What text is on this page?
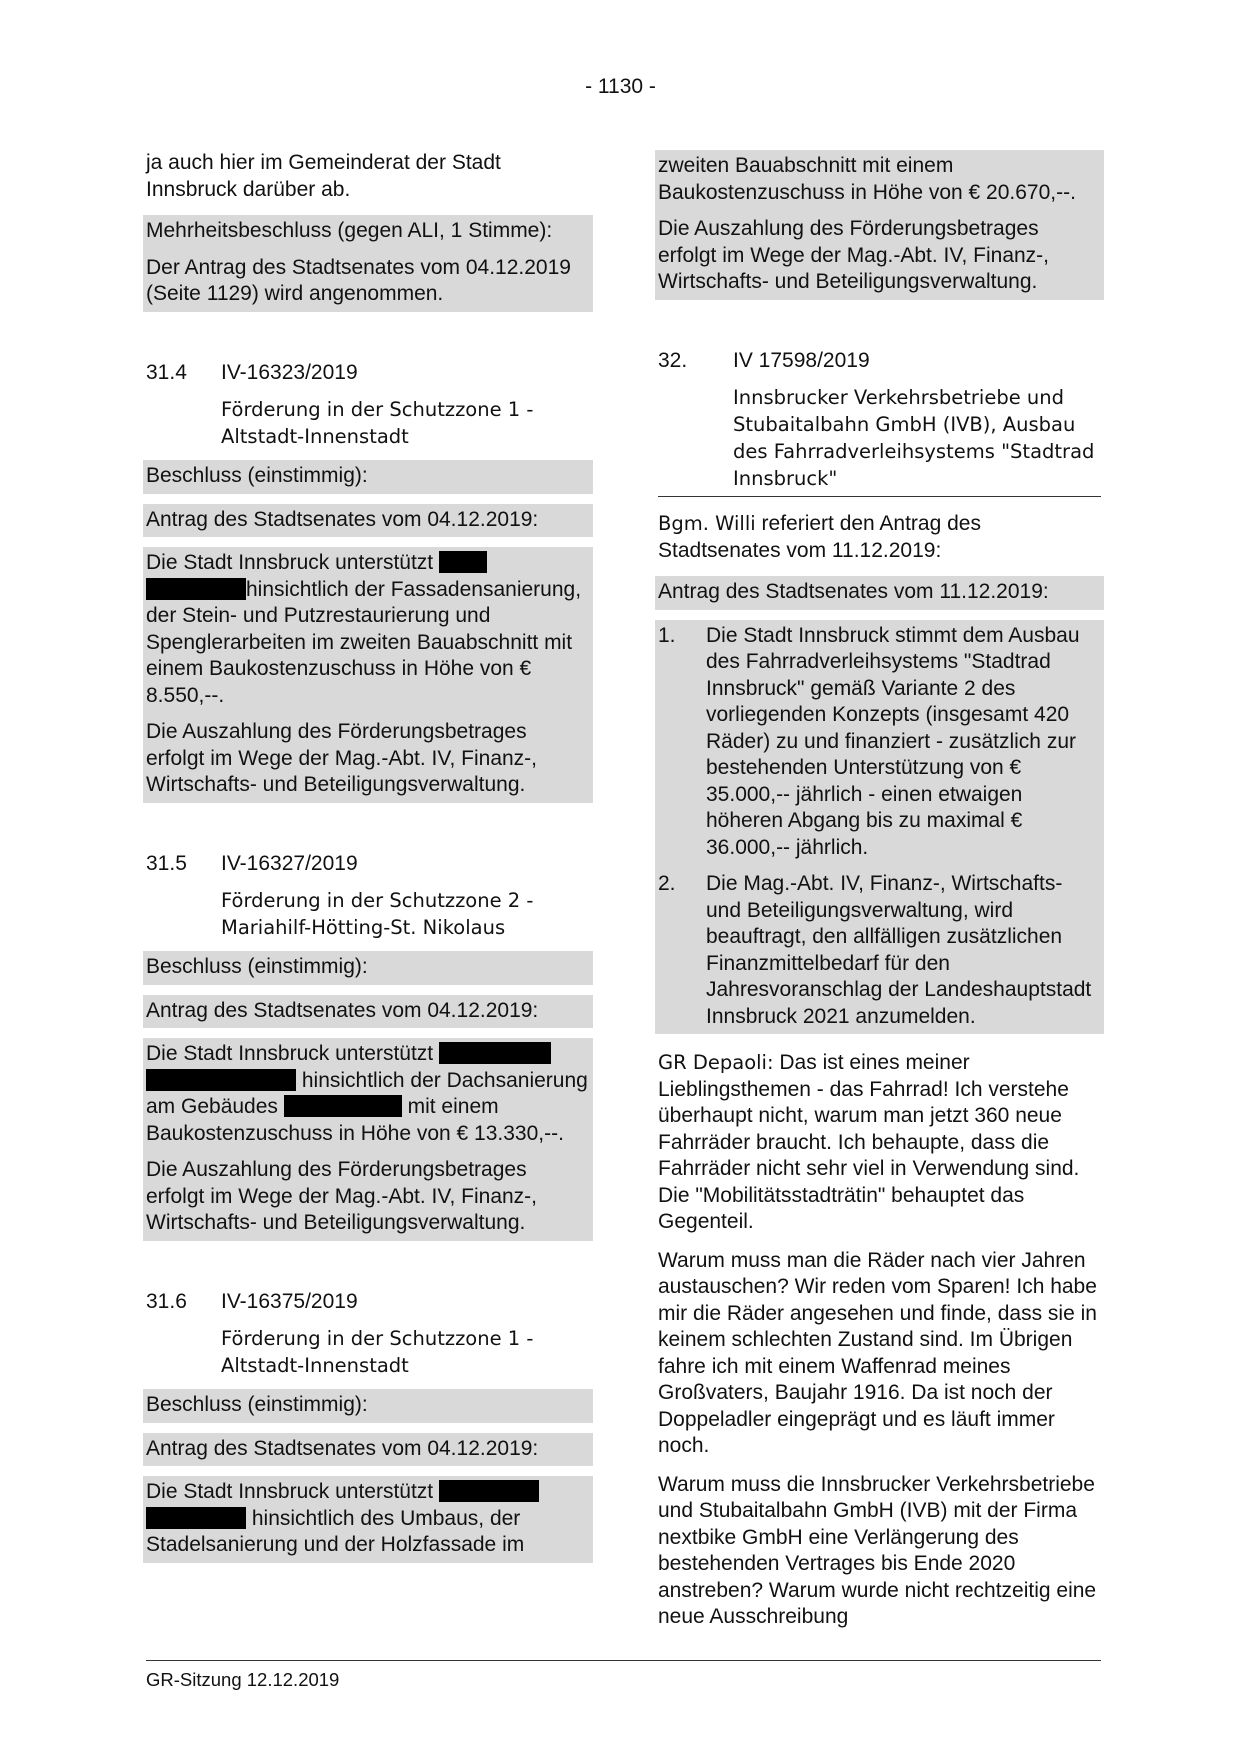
- 1130 -
ja auch hier im Gemeinderat der Stadt Innsbruck darüber ab.
Mehrheitsbeschluss (gegen ALI, 1 Stimme):
Der Antrag des Stadtsenates vom 04.12.2019 (Seite 1129) wird angenommen.
31.4	IV-16323/2019
Förderung in der Schutzzone 1 - Altstadt-Innenstadt
Beschluss (einstimmig):
Antrag des Stadtsenates vom 04.12.2019:
Die Stadt Innsbruck unterstützt  hinsichtlich der Fassadensanierung, der Stein- und Putzrestaurierung und Spenglerarbeiten im zweiten Bauabschnitt mit einem Baukostenzuschuss in Höhe von € 8.550,--.
Die Auszahlung des Förderungsbetrages erfolgt im Wege der Mag.-Abt. IV, Finanz-, Wirtschafts- und Beteiligungsverwaltung.
31.5	IV-16327/2019
Förderung in der Schutzzone 2 - Mariahilf-Hötting-St. Nikolaus
Beschluss (einstimmig):
Antrag des Stadtsenates vom 04.12.2019:
Die Stadt Innsbruck unterstützt   hinsichtlich der Dachsanierung am Gebäudes	mit einem Baukostenzuschuss in Höhe von € 13.330,--.
Die Auszahlung des Förderungsbetrages erfolgt im Wege der Mag.-Abt. IV, Finanz-, Wirtschafts- und Beteiligungsverwaltung.
31.6	IV-16375/2019
Förderung in der Schutzzone 1 - Altstadt-Innenstadt
Beschluss (einstimmig):
Antrag des Stadtsenates vom 04.12.2019:
Die Stadt Innsbruck unterstützt   hinsichtlich des Umbaus, der Stadelsanierung und der Holzfassade im
zweiten Bauabschnitt mit einem Baukostenzuschuss in Höhe von € 20.670,--.
Die Auszahlung des Förderungsbetrages erfolgt im Wege der Mag.-Abt. IV, Finanz-, Wirtschafts- und Beteiligungsverwaltung.
32.	IV 17598/2019
Innsbrucker Verkehrsbetriebe und Stubaitalbahn GmbH (IVB), Ausbau des Fahrradverleihsystems "Stadtrad Innsbruck"
Bgm. Willi referiert den Antrag des Stadtsenates vom 11.12.2019:
Antrag des Stadtsenates vom 11.12.2019:
1.	Die Stadt Innsbruck stimmt dem Ausbau des Fahrradverleihsystems "Stadtrad Innsbruck" gemäß Variante 2 des vorliegenden Konzepts (insgesamt 420 Räder) zu und finanziert - zusätzlich zur bestehenden Unterstützung von € 35.000,-- jährlich - einen etwaigen höheren Abgang bis zu maximal € 36.000,-- jährlich.
2.	Die Mag.-Abt. IV, Finanz-, Wirtschafts- und Beteiligungsverwaltung, wird beauftragt, den allfälligen zusätzlichen Finanzmittelbedarf für den Jahresvoranschlag der Landeshauptstadt Innsbruck 2021 anzumelden.
GR Depaoli: Das ist eines meiner Lieblingsthemen - das Fahrrad! Ich verstehe überhaupt nicht, warum man jetzt 360 neue Fahrräder braucht. Ich behaupte, dass die Fahrräder nicht sehr viel in Verwendung sind. Die "Mobilitätsstadträtin" behauptet das Gegenteil.
Warum muss man die Räder nach vier Jahren austauschen? Wir reden vom Sparen! Ich habe mir die Räder angesehen und finde, dass sie in keinem schlechten Zustand sind. Im Übrigen fahre ich mit einem Waffenrad meines Großvaters, Baujahr 1916. Da ist noch der Doppeladler eingeprägt und es läuft immer noch.
Warum muss die Innsbrucker Verkehrsbetriebe und Stubaitalbahn GmbH (IVB) mit der Firma nextbike GmbH eine Verlängerung des bestehenden Vertrages bis Ende 2020 anstreben? Warum wurde nicht rechtzeitig eine neue Ausschreibung
GR-Sitzung 12.12.2019
